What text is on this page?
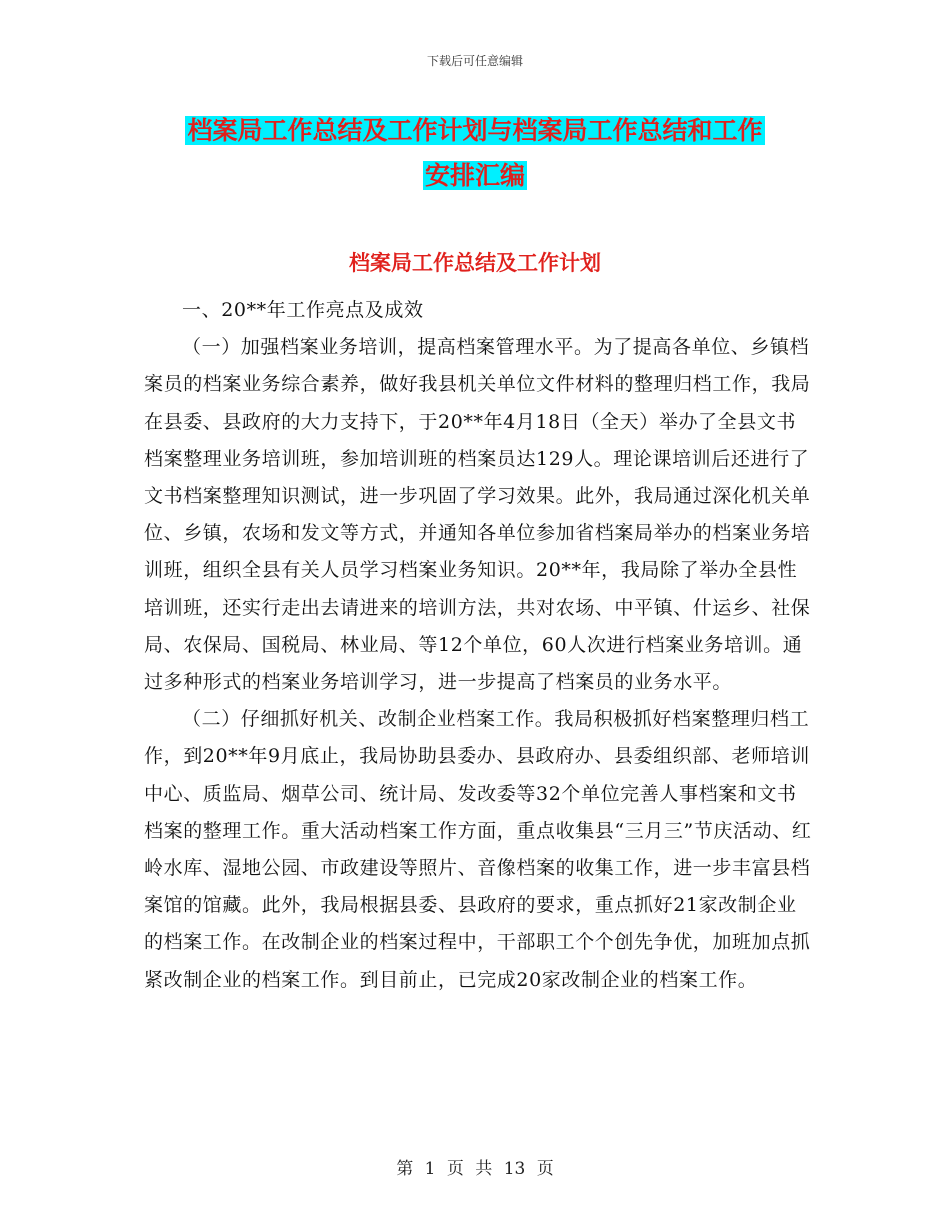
下载后可任意编辑
档案局工作总结及工作计划与档案局工作总结和工作
安排汇编
档案局工作总结及工作计划

一、20**年工作亮点及成效

（一）加强档案业务培训，提高档案管理水平。为了提高各单位、乡镇档案员的档案业务综合素养，做好我县机关单位文件材料的整理归档工作，我局在县委、县政府的大力支持下，于20**年4月18日（全天）举办了全县文书档案整理业务培训班，参加培训班的档案员达129人。理论课培训后还进行了文书档案整理知识测试，进一步巩固了学习效果。此外，我局通过深化机关单位、乡镇，农场和发文等方式，并通知各单位参加省档案局举办的档案业务培训班，组织全县有关人员学习档案业务知识。20**年，我局除了举办全县性培训班，还实行走出去请进来的培训方法，共对农场、中平镇、什运乡、社保局、农保局、国税局、林业局、等12个单位，60人次进行档案业务培训。通过多种形式的档案业务培训学习，进一步提高了档案员的业务水平。

（二）仔细抓好机关、改制企业档案工作。我局积极抓好档案整理归档工作，到20**年9月底止，我局协助县委办、县政府办、县委组织部、老师培训中心、质监局、烟草公司、统计局、发改委等32个单位完善人事档案和文书档案的整理工作。重大活动档案工作方面，重点收集县“三月三”节庆活动、红岭水库、湿地公园、市政建设等照片、音像档案的收集工作，进一步丰富县档案馆的馆藏。此外，我局根据县委、县政府的要求，重点抓好21家改制企业的档案工作。在改制企业的档案过程中，干部职工个个创先争优，加班加点抓紧改制企业的档案工作。到目前止，已完成20家改制企业的档案工作。

第 1 页 共 13 页
